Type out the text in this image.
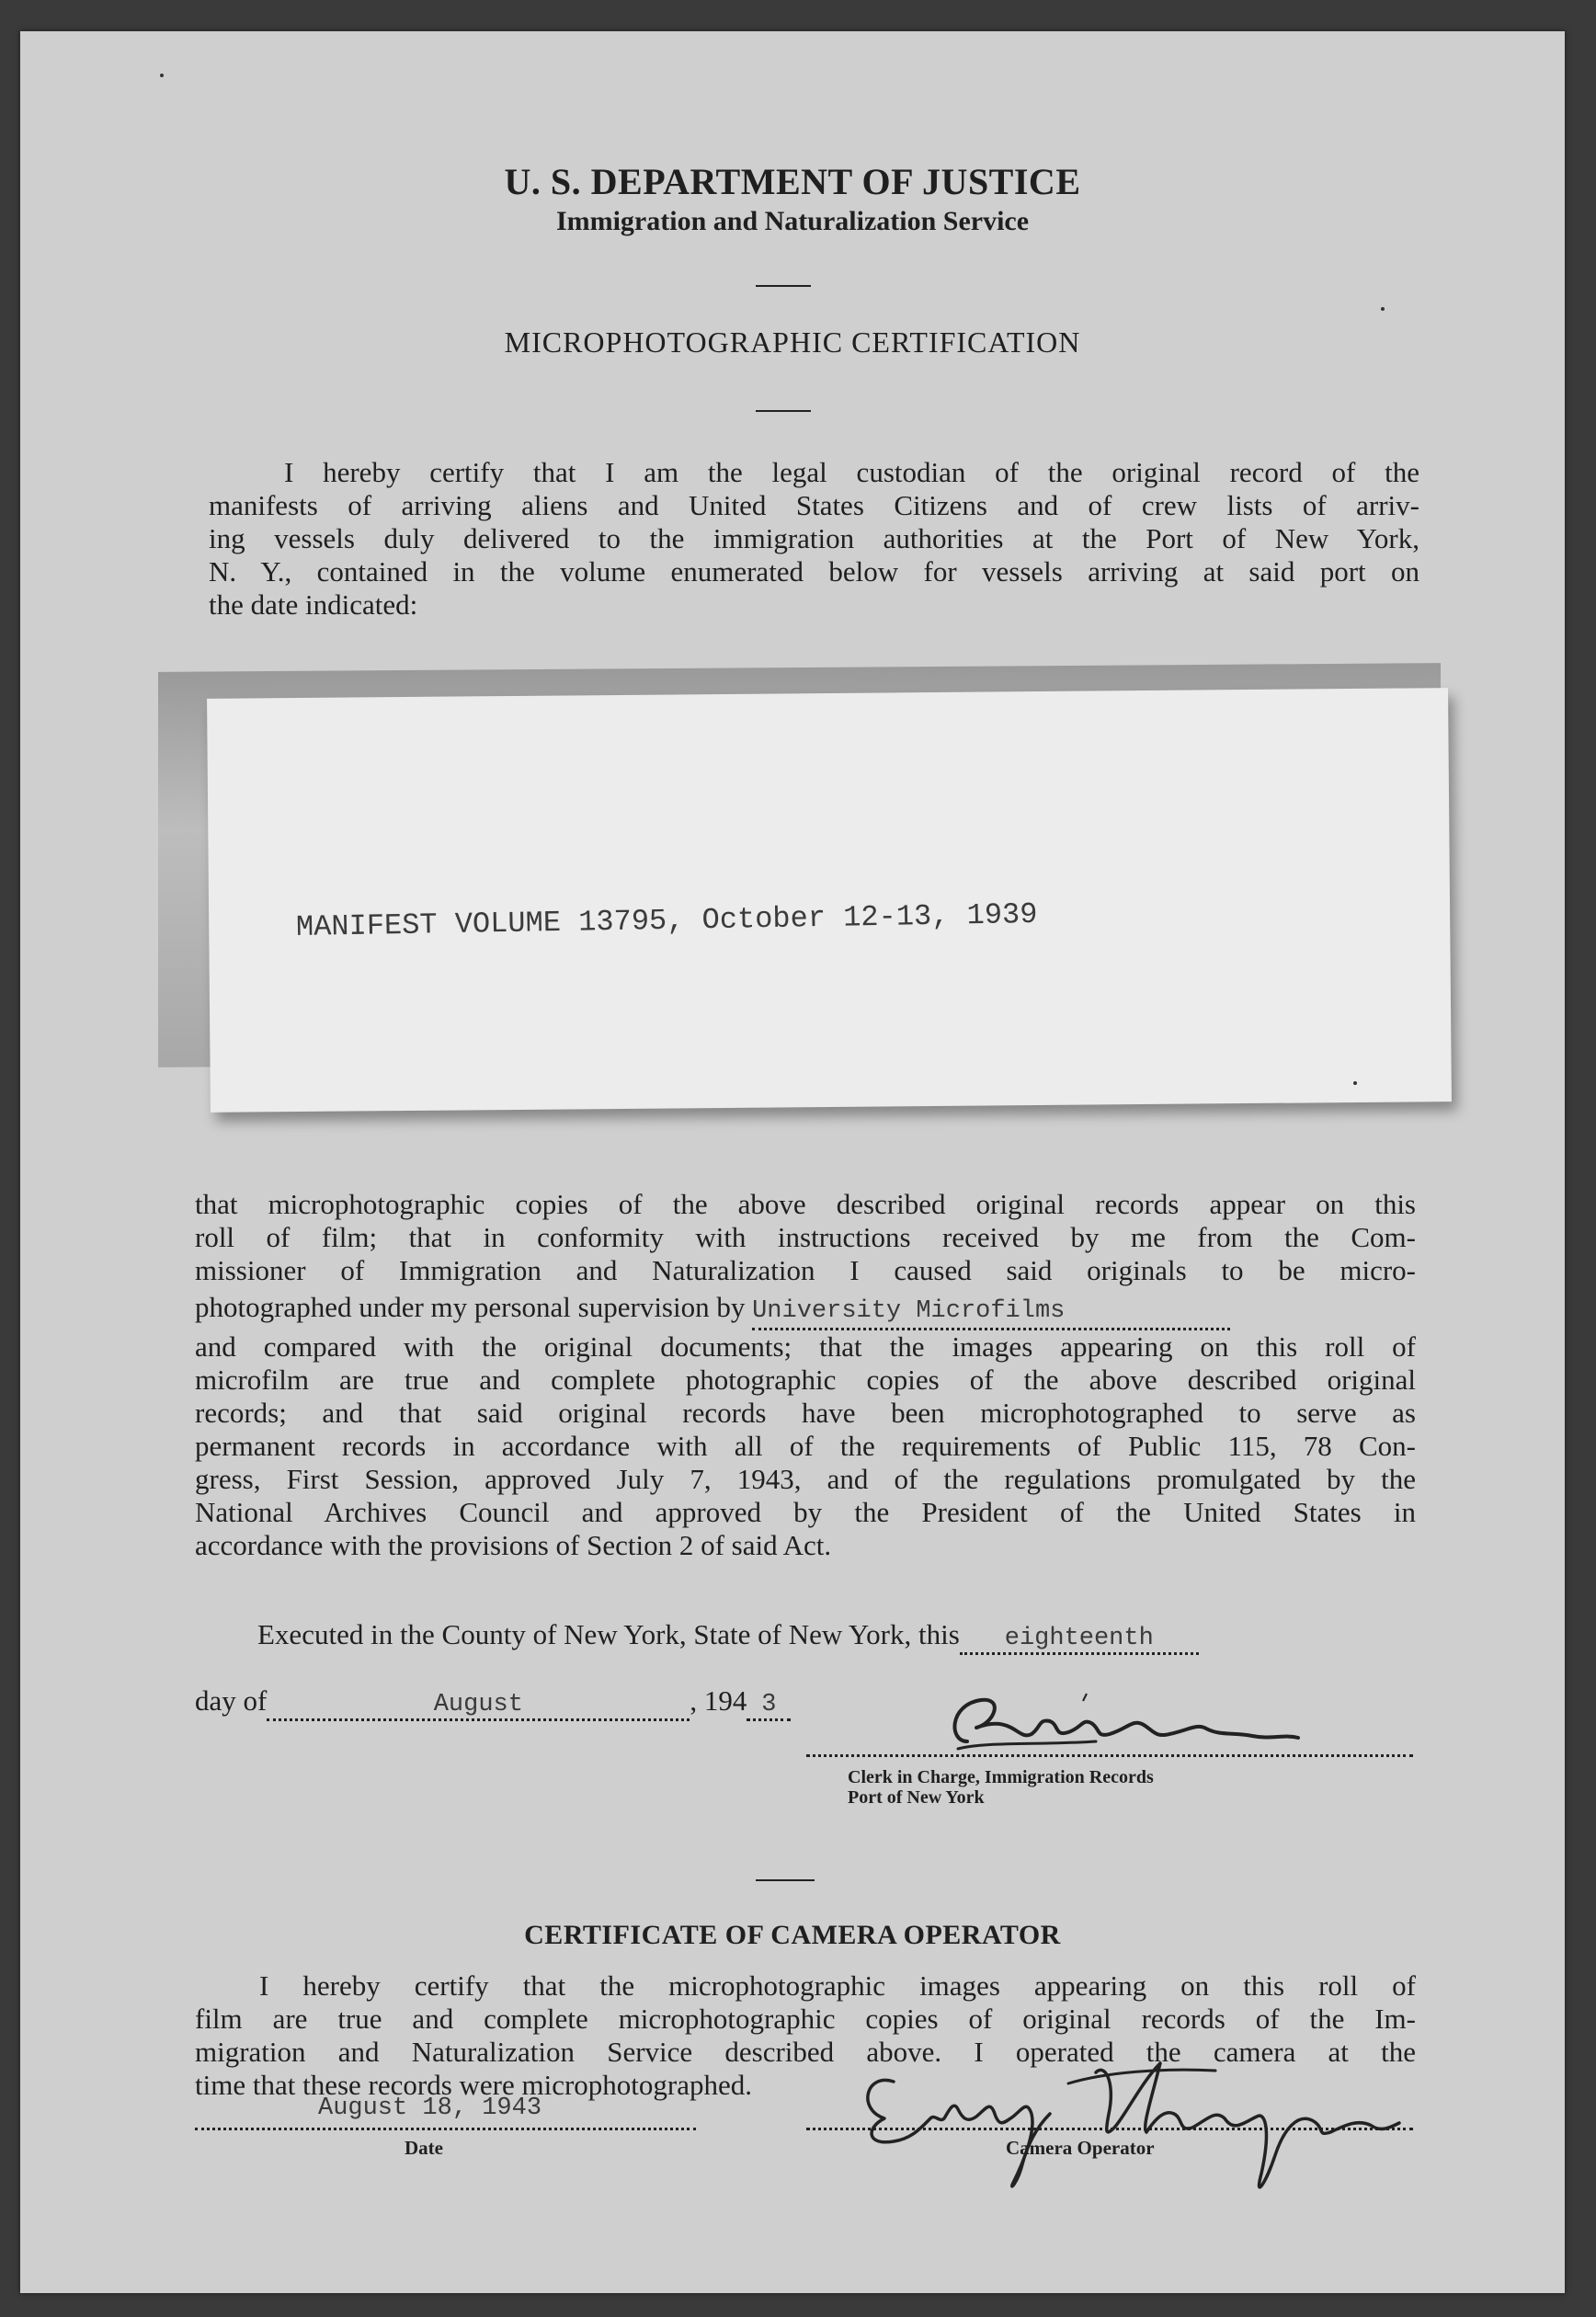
U. S. DEPARTMENT OF JUSTICE
Immigration and Naturalization Service
MICROPHOTOGRAPHIC CERTIFICATION
I hereby certify that I am the legal custodian of the original record of the
manifests of arriving aliens and United States Citizens and of crew lists of arriv-
ing vessels duly delivered to the immigration authorities at the Port of New York,
N. Y., contained in the volume enumerated below for vessels arriving at said port on
the date indicated:
MANIFEST VOLUME 13795, October 12-13, 1939
that microphotographic copies of the above described original records appear on this
roll of film; that in conformity with instructions received by me from the Com-
missioner of Immigration and Naturalization I caused said originals to be micro-
photographed under my personal supervision by University Microfilms
and compared with the original documents; that the images appearing on this roll of
microfilm are true and complete photographic copies of the above described original
records; and that said original records have been microphotographed to serve as
permanent records in accordance with all of the requirements of Public 115, 78 Con-
gress, First Session, approved July 7, 1943, and of the regulations promulgated by the
National Archives Council and approved by the President of the United States in
accordance with the provisions of Section 2 of said Act.
Executed in the County of New York, State of New York, this eighteenth
day of	August	, 194 3
Clerk in Charge, Immigration Records
Port of New York
CERTIFICATE OF CAMERA OPERATOR
I hereby certify that the microphotographic images appearing on this roll of
film are true and complete microphotographic copies of original records of the Im-
migration and Naturalization Service described above. I operated the camera at the
time that these records were microphotographed.
August 18, 1943
Date	Camera Operator
